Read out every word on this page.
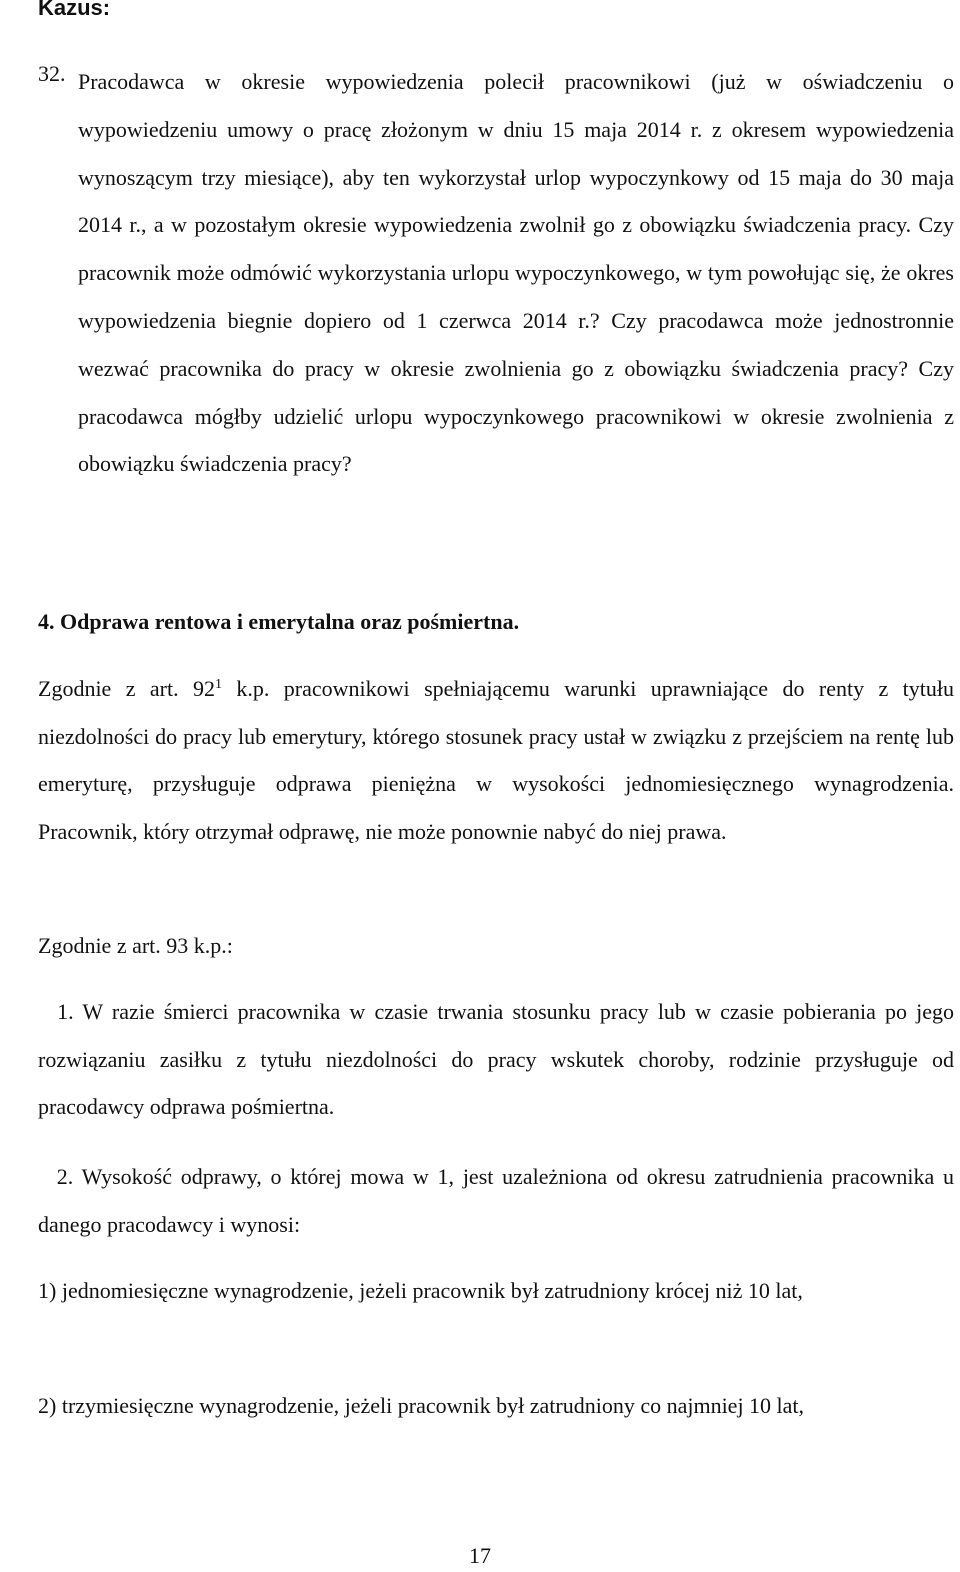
Kazus:
32. Pracodawca w okresie wypowiedzenia polecił pracownikowi (już w oświadczeniu o wypowiedzeniu umowy o pracę złożonym w dniu 15 maja 2014 r. z okresem wypowiedzenia wynoszącym trzy miesiące), aby ten wykorzystał urlop wypoczynkowy od 15 maja do 30 maja 2014 r., a w pozostałym okresie wypowiedzenia zwolnił go z obowiązku świadczenia pracy. Czy pracownik może odmówić wykorzystania urlopu wypoczynkowego, w tym powołując się, że okres wypowiedzenia biegnie dopiero od 1 czerwca 2014 r.? Czy pracodawca może jednostronnie wezwać pracownika do pracy w okresie zwolnienia go z obowiązku świadczenia pracy? Czy pracodawca mógłby udzielić urlopu wypoczynkowego pracownikowi w okresie zwolnienia z obowiązku świadczenia pracy?

4. Odprawa rentowa i emerytalna oraz pośmiertna.

Zgodnie z art. $92^1$ k.p. pracownikowi spełniającemu warunki uprawniające do renty z tytułu niezdolności do pracy lub emerytury, którego stosunek pracy ustał w związku z przejściem na rentę lub emeryturę, przysługuje odprawa pieniężna w wysokości jednomiesięcznego wynagrodzenia. Pracownik, który otrzymał odprawę, nie może ponownie nabyć do niej prawa.

Zgodnie z art. 93 k.p.:

1. W razie śmierci pracownika w czasie trwania stosunku pracy lub w czasie pobierania po jego rozwiązaniu zasiłku z tytułu niezdolności do pracy wskutek choroby, rodzinie przysługuje od pracodawcy odprawa pośmiertna.

2. Wysokość odprawy, o której mowa w 1, jest uzależniona od okresu zatrudnienia pracownika u danego pracodawcy i wynosi:

1) jednomiesięczne wynagrodzenie, jeżeli pracownik był zatrudniony krócej niż 10 lat,

2) trzymiesięczne wynagrodzenie, jeżeli pracownik był zatrudniony co najmniej 10 lat,

17
